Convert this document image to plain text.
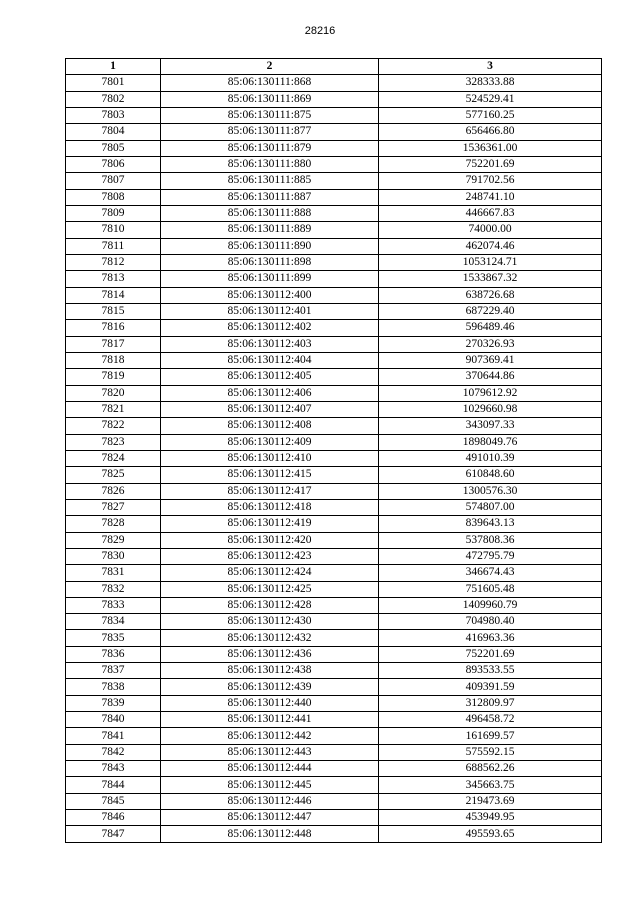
28216
1	2	3
7801	85:06:130111:868	328333.88
7802	85:06:130111:869	524529.41
7803	85:06:130111:875	577160.25
7804	85:06:130111:877	656466.80
7805	85:06:130111:879	1536361.00
7806	85:06:130111:880	752201.69
7807	85:06:130111:885	791702.56
7808	85:06:130111:887	248741.10
7809	85:06:130111:888	446667.83
7810	85:06:130111:889	74000.00
7811	85:06:130111:890	462074.46
7812	85:06:130111:898	1053124.71
7813	85:06:130111:899	1533867.32
7814	85:06:130112:400	638726.68
7815	85:06:130112:401	687229.40
7816	85:06:130112:402	596489.46
7817	85:06:130112:403	270326.93
7818	85:06:130112:404	907369.41
7819	85:06:130112:405	370644.86
7820	85:06:130112:406	1079612.92
7821	85:06:130112:407	1029660.98
7822	85:06:130112:408	343097.33
7823	85:06:130112:409	1898049.76
7824	85:06:130112:410	491010.39
7825	85:06:130112:415	610848.60
7826	85:06:130112:417	1300576.30
7827	85:06:130112:418	574807.00
7828	85:06:130112:419	839643.13
7829	85:06:130112:420	537808.36
7830	85:06:130112:423	472795.79
7831	85:06:130112:424	346674.43
7832	85:06:130112:425	751605.48
7833	85:06:130112:428	1409960.79
7834	85:06:130112:430	704980.40
7835	85:06:130112:432	416963.36
7836	85:06:130112:436	752201.69
7837	85:06:130112:438	893533.55
7838	85:06:130112:439	409391.59
7839	85:06:130112:440	312809.97
7840	85:06:130112:441	496458.72
7841	85:06:130112:442	161699.57
7842	85:06:130112:443	575592.15
7843	85:06:130112:444	688562.26
7844	85:06:130112:445	345663.75
7845	85:06:130112:446	219473.69
7846	85:06:130112:447	453949.95
7847	85:06:130112:448	495593.65
